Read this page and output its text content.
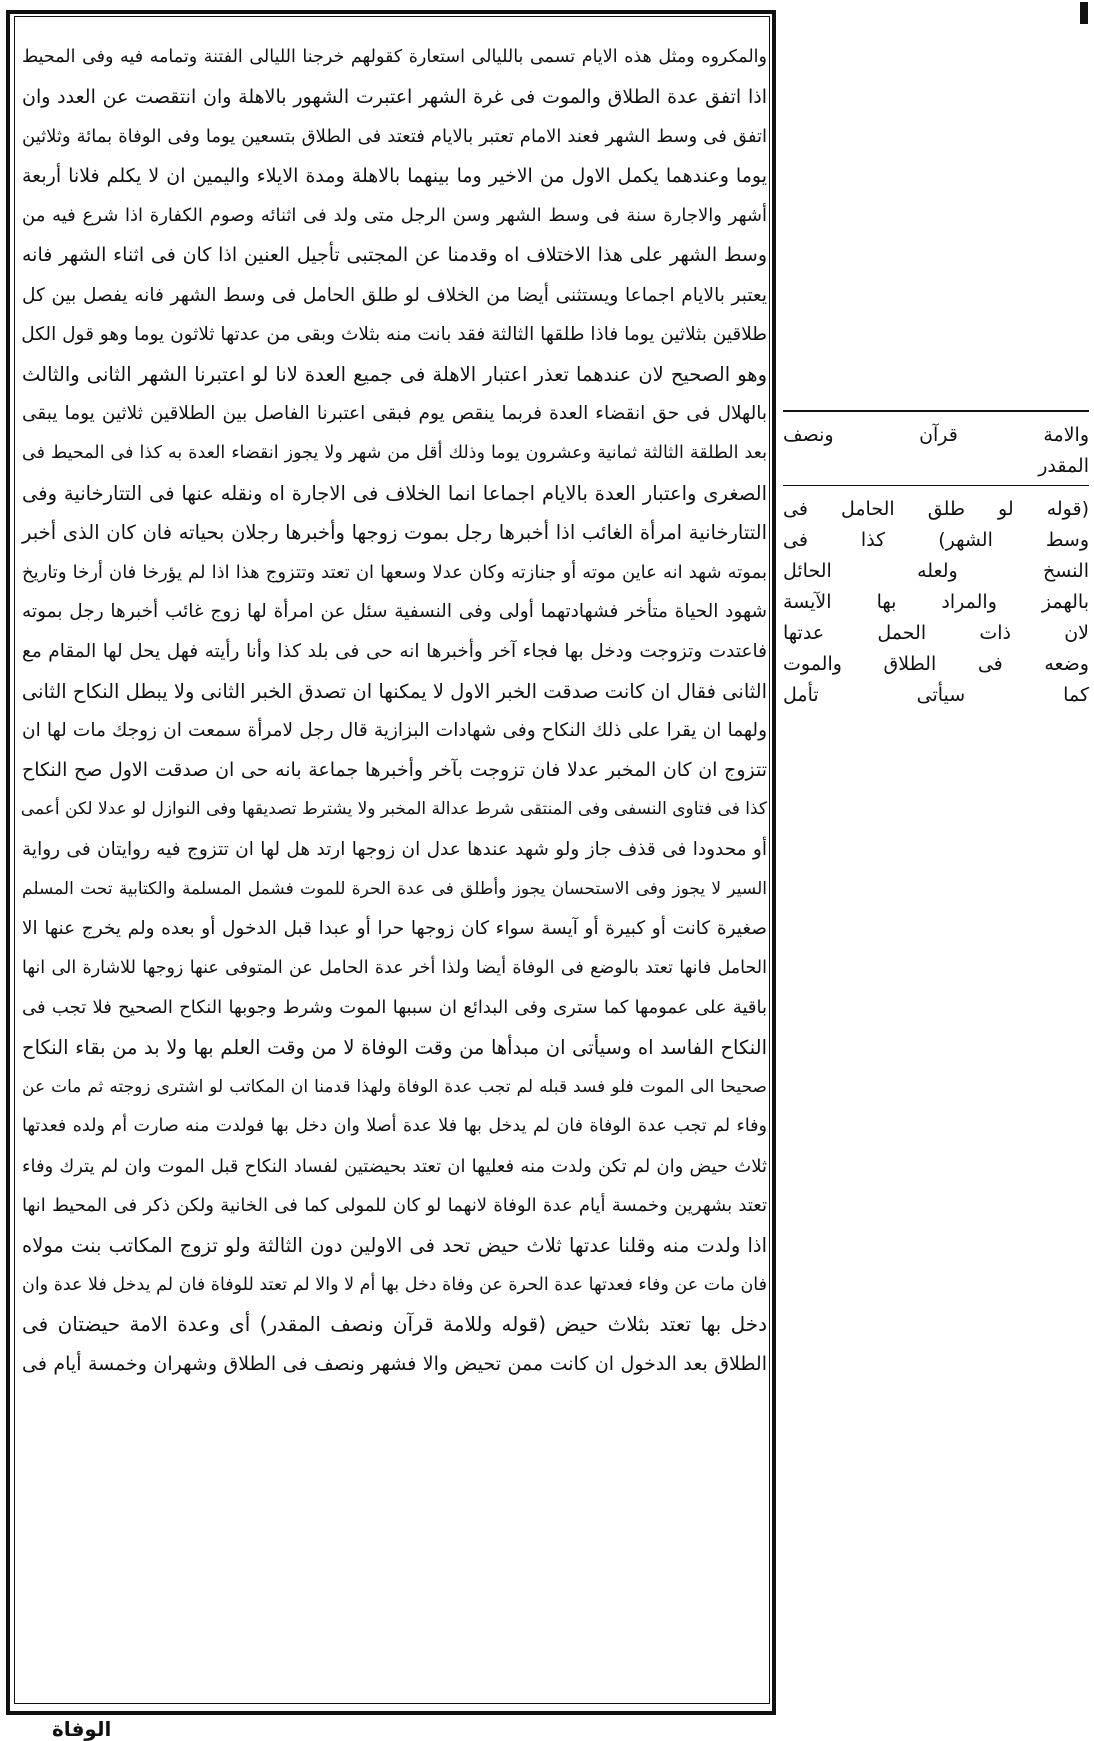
والمكروه ومثل هذه الايام تسمى بالليالى استعارة كقولهم خرجنا الليالى الفتنة وتمامه فيه وفى المحيط
اذا اتفق عدة الطلاق والموت فى غرة الشهر اعتبرت الشهور بالاهلة وان انتقصت عن العدد وان
اتفق فى وسط الشهر فعند الامام تعتبر بالايام فتعتد فى الطلاق بتسعين يوما وفى الوفاة بمائة وثلاثين
يوما وعندهما يكمل الاول من الاخير وما بينهما بالاهلة ومدة الايلاء واليمين ان لا يكلم فلانا أربعة
أشهر والاجارة سنة فى وسط الشهر وسن الرجل متى ولد فى اثنائه وصوم الكفارة اذا شرع فيه من
وسط الشهر على هذا الاختلاف اه وقدمنا عن المجتبى تأجيل العنين اذا كان فى اثناء الشهر فانه
يعتبر بالايام اجماعا ويستثنى أيضا من الخلاف لو طلق الحامل فى وسط الشهر فانه يفصل بين كل
طلاقين بثلاثين يوما فاذا طلقها الثالثة فقد بانت منه بثلاث وبقى من عدتها ثلاثون يوما وهو قول الكل
وهو الصحيح لان عندهما تعذر اعتبار الاهلة فى جميع العدة لانا لو اعتبرنا الشهر الثانى والثالث
بالهلال فى حق انقضاء العدة فربما ينقص يوم فبقى اعتبرنا الفاصل بين الطلاقين ثلاثين يوما يبقى
بعد الطلقة الثالثة ثمانية وعشرون يوما وذلك أقل من شهر ولا يجوز انقضاء العدة به كذا فى المحيط فى
الصغرى واعتبار العدة بالايام اجماعا انما الخلاف فى الاجارة اه ونقله عنها فى التتارخانية وفى
التتارخانية امرأة الغائب اذا أخبرها رجل بموت زوجها وأخبرها رجلان بحياته فان كان الذى أخبر
بموته شهد انه عاين موته أو جنازته وكان عدلا وسعها ان تعتد وتتزوج هذا اذا لم يؤرخا فان أرخا وتاريخ
شهود الحياة متأخر فشهادتهما أولى وفى النسفية سئل عن امرأة لها زوج غائب أخبرها رجل بموته
فاعتدت وتزوجت ودخل بها فجاء آخر وأخبرها انه حى فى بلد كذا وأنا رأيته فهل يحل لها المقام مع
الثانى فقال ان كانت صدقت الخبر الاول لا يمكنها ان تصدق الخبر الثانى ولا يبطل النكاح الثانى
ولهما ان يقرا على ذلك النكاح وفى شهادات البزازية قال رجل لامرأة سمعت ان زوجك مات لها ان
تتزوج ان كان المخبر عدلا فان تزوجت بآخر وأخبرها جماعة بانه حى ان صدقت الاول صح النكاح
كذا فى فتاوى النسفى وفى المنتقى شرط عدالة المخبر ولا يشترط تصديقها وفى النوازل لو عدلا لكن أعمى
أو محدودا فى قذف جاز ولو شهد عندها عدل ان زوجها ارتد هل لها ان تتزوج فيه روايتان فى رواية
السير لا يجوز وفى الاستحسان يجوز وأطلق فى عدة الحرة للموت فشمل المسلمة والكتابية تحت المسلم
صغيرة كانت أو كبيرة أو آيسة سواء كان زوجها حرا أو عبدا قبل الدخول أو بعده ولم يخرج عنها الا
الحامل فانها تعتد بالوضع فى الوفاة أيضا ولذا أخر عدة الحامل عن المتوفى عنها زوجها للاشارة الى انها
باقية على عمومها كما سترى وفى البدائع ان سببها الموت وشرط وجوبها النكاح الصحيح فلا تجب فى
النكاح الفاسد اه وسيأتى ان مبدأها من وقت الوفاة لا من وقت العلم بها ولا بد من بقاء النكاح
صحيحا الى الموت فلو فسد قبله لم تجب عدة الوفاة ولهذا قدمنا ان المكاتب لو اشترى زوجته ثم مات عن
وفاء لم تجب عدة الوفاة فان لم يدخل بها فلا عدة أصلا وان دخل بها فولدت منه صارت أم ولده فعدتها
ثلاث حيض وان لم تكن ولدت منه فعليها ان تعتد بحيضتين لفساد النكاح قبل الموت وان لم يترك وفاء
تعتد بشهرين وخمسة أيام عدة الوفاة لانهما لو كان للمولى كما فى الخانية ولكن ذكر فى المحيط انها
اذا ولدت منه وقلنا عدتها ثلاث حيض تحد فى الاولين دون الثالثة ولو تزوج المكاتب بنت مولاه
فان مات عن وفاء فعدتها عدة الحرة عن وفاة دخل بها أم لا والا لم تعتد للوفاة فان لم يدخل فلا عدة وان
دخل بها تعتد بثلاث حيض (قوله وللامة قرآن ونصف المقدر) أى وعدة الامة حيضتان فى
الطلاق بعد الدخول ان كانت ممن تحيض والا فشهر ونصف فى الطلاق وشهران وخمسة أيام فى
والامة قرآن ونصف
المقدر
(قوله لو طلق الحامل فى
وسط الشهر) كذا فى
النسخ ولعله الحائل
بالهمز والمراد بها الآيسة
لان ذات الحمل عدتها
وضعه فى الطلاق والموت
كما سيأتى تأمل
الوفاة
